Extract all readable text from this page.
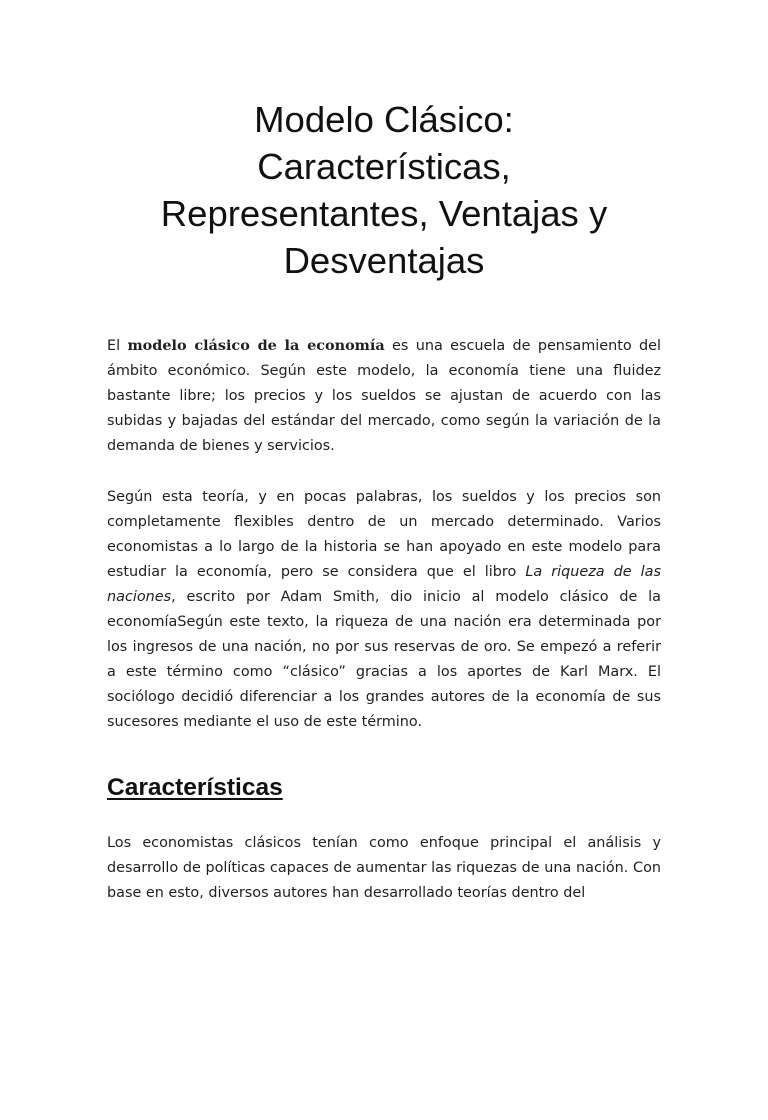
Modelo Clásico:
Características,
Representantes, Ventajas y
Desventajas

El modelo clásico de la economía es una escuela de pensamiento del ámbito económico. Según este modelo, la economía tiene una fluidez bastante libre; los precios y los sueldos se ajustan de acuerdo con las subidas y bajadas del estándar del mercado, como según la variación de la demanda de bienes y servicios.

Según esta teoría, y en pocas palabras, los sueldos y los precios son completamente flexibles dentro de un mercado determinado. Varios economistas a lo largo de la historia se han apoyado en este modelo para estudiar la economía, pero se considera que el libro La riqueza de las naciones, escrito por Adam Smith, dio inicio al modelo clásico de la economíaSegún este texto, la riqueza de una nación era determinada por los ingresos de una nación, no por sus reservas de oro. Se empezó a referir a este término como “clásico” gracias a los aportes de Karl Marx. El sociólogo decidió diferenciar a los grandes autores de la economía de sus sucesores mediante el uso de este término.

Características

Los economistas clásicos tenían como enfoque principal el análisis y desarrollo de políticas capaces de aumentar las riquezas de una nación. Con base en esto, diversos autores han desarrollado teorías dentro del
